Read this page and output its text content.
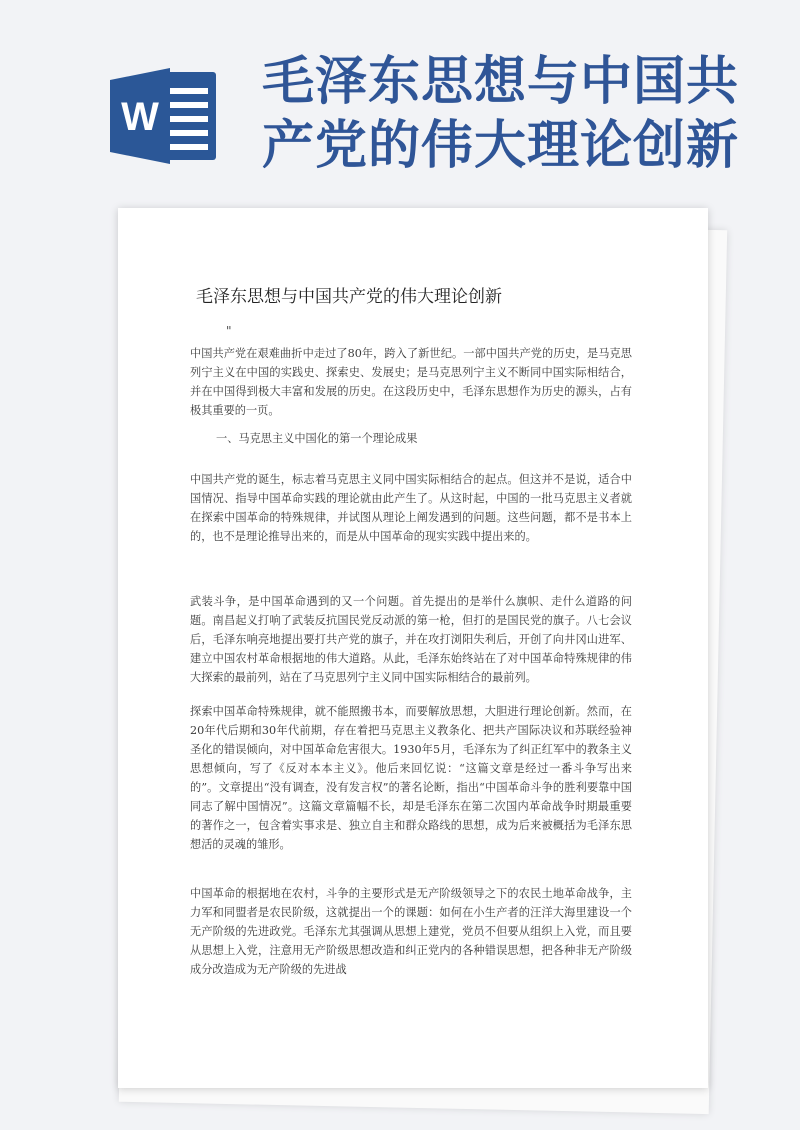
W
毛泽东思想与中国共产党的伟大理论创新
毛泽东思想与中国共产党的伟大理论创新
"

中国共产党在艰难曲折中走过了80年，跨入了新世纪。一部中国共产党的历史，是马克思列宁主义在中国的实践史、探索史、发展史；是马克思列宁主义不断同中国实际相结合，并在中国得到极大丰富和发展的历史。在这段历史中，毛泽东思想作为历史的源头，占有极其重要的一页。

一、马克思主义中国化的第一个理论成果

中国共产党的诞生，标志着马克思主义同中国实际相结合的起点。但这并不是说，适合中国情况、指导中国革命实践的理论就由此产生了。从这时起，中国的一批马克思主义者就在探索中国革命的特殊规律，并试图从理论上阐发遇到的问题。这些问题，都不是书本上的，也不是理论推导出来的，而是从中国革命的现实实践中提出来的。

武装斗争，是中国革命遇到的又一个问题。首先提出的是举什么旗帜、走什么道路的问题。南昌起义打响了武装反抗国民党反动派的第一枪，但打的是国民党的旗子。八七会议后，毛泽东响亮地提出要打共产党的旗子，并在攻打浏阳失利后，开创了向井冈山进军、建立中国农村革命根据地的伟大道路。从此，毛泽东始终站在了对中国革命特殊规律的伟大探索的最前列，站在了马克思列宁主义同中国实际相结合的最前列。

探索中国革命特殊规律，就不能照搬书本，而要解放思想，大胆进行理论创新。然而，在20年代后期和30年代前期，存在着把马克思主义教条化、把共产国际决议和苏联经验神圣化的错误倾向，对中国革命危害很大。1930年5月，毛泽东为了纠正红军中的教条主义思想倾向，写了《反对本本主义》。他后来回忆说：“这篇文章是经过一番斗争写出来的”。文章提出“没有调查，没有发言权”的著名论断，指出“中国革命斗争的胜利要靠中国同志了解中国情况”。这篇文章篇幅不长，却是毛泽东在第二次国内革命战争时期最重要的著作之一，包含着实事求是、独立自主和群众路线的思想，成为后来被概括为毛泽东思想活的灵魂的雏形。

中国革命的根据地在农村，斗争的主要形式是无产阶级领导之下的农民土地革命战争，主力军和同盟者是农民阶级，这就提出一个的课题：如何在小生产者的汪洋大海里建设一个无产阶级的先进政党。毛泽东尤其强调从思想上建党，党员不但要从组织上入党，而且要从思想上入党，注意用无产阶级思想改造和纠正党内的各种错误思想，把各种非无产阶级成分改造成为无产阶级的先进战
